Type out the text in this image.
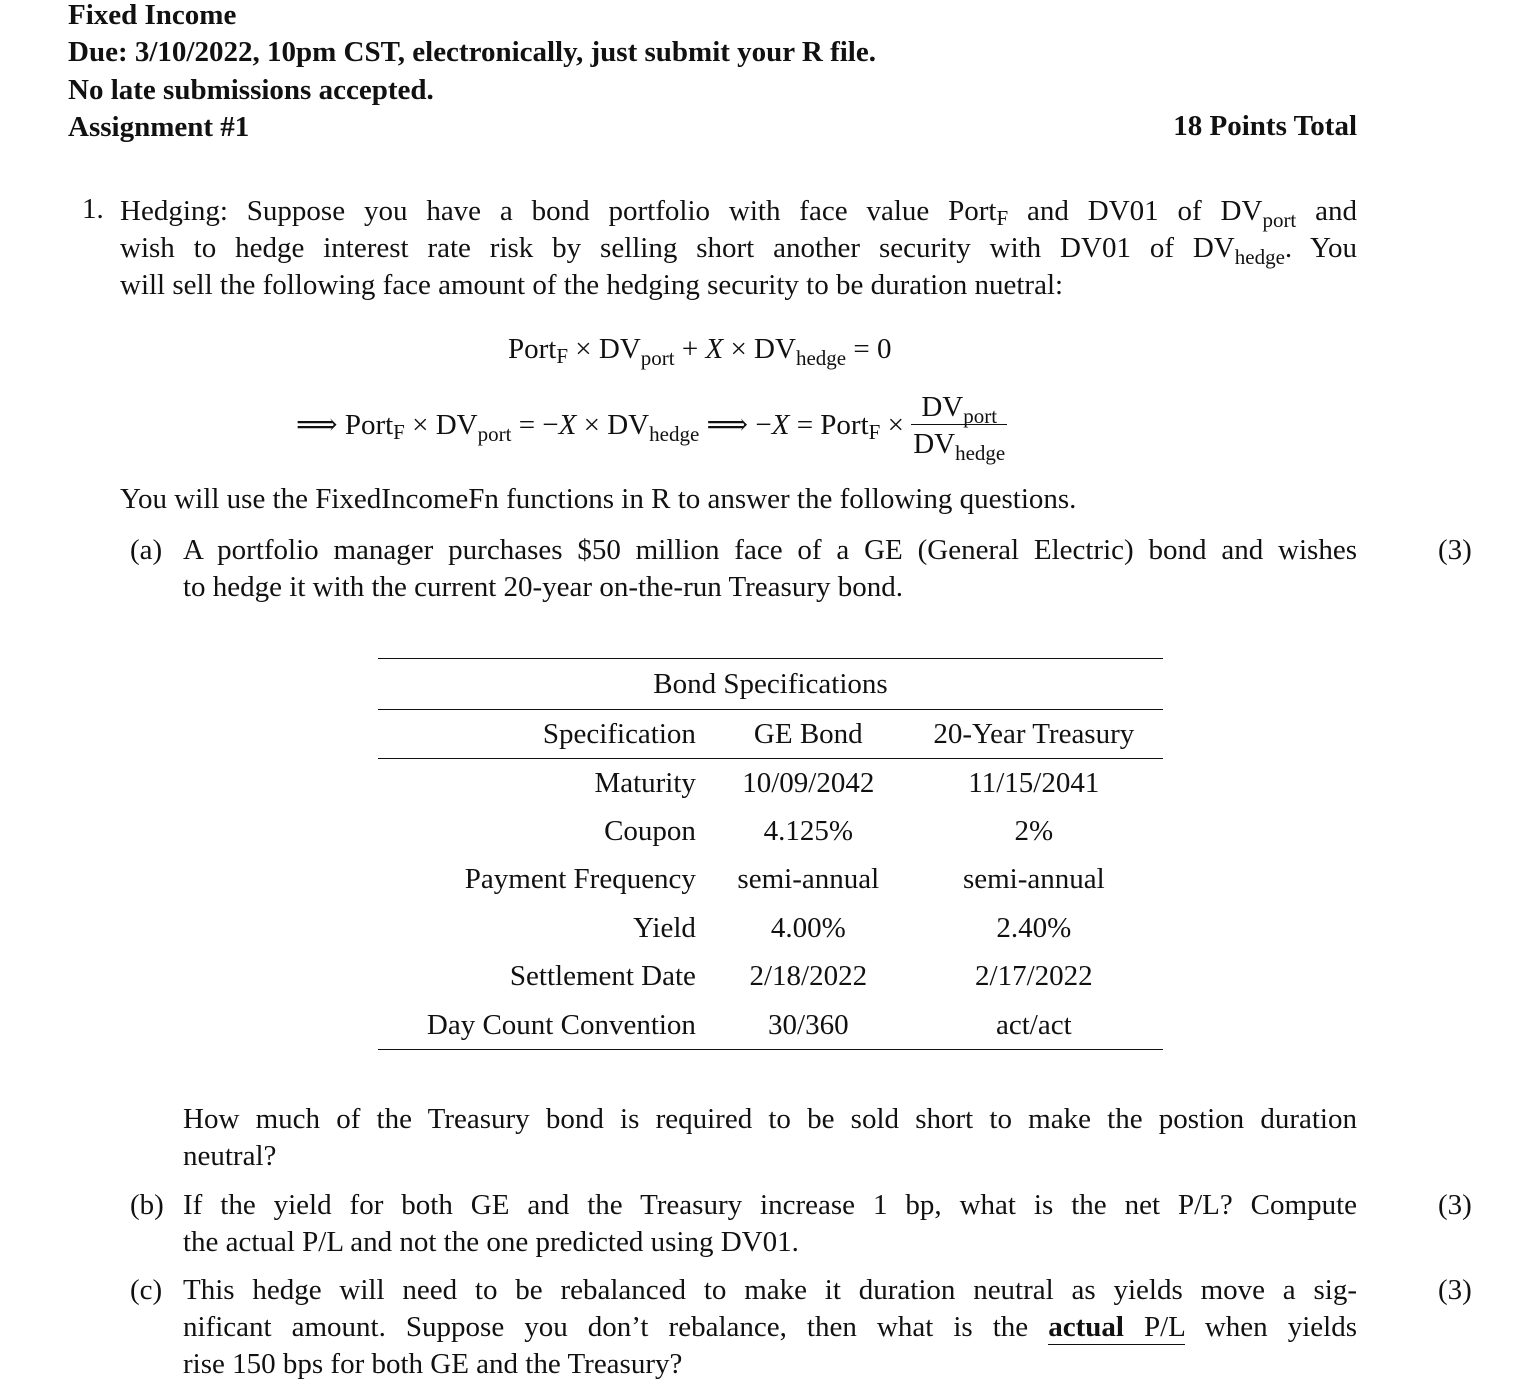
Fixed Income
Due: 3/10/2022, 10pm CST, electronically, just submit your R file.
No late submissions accepted.
Assignment #1	18 Points Total
1. Hedging: Suppose you have a bond portfolio with face value Port$_F$ and DV01 of $DV_{port}$ and
wish to hedge interest rate risk by selling short another security with DV01 of $DV_{hedge}$. You
will sell the following face amount of the hedging security to be duration nuetral:
Port$_F$ × $DV_{port} + X \times DV_{hedge} = 0$
⟹ Port$_F$ × $DV_{port} = -X \times DV_{hedge}$ ⟹ −X = Port$_F$ × $\frac{DV_{port}}{DV_{hedge}}$
You will use the FixedIncomeFn functions in R to answer the following questions.
(a) A portfolio manager purchases $50 million face of a GE (General Electric) bond and wishes
to hedge it with the current 20-year on-the-run Treasury bond.
(3)
Bond Specifications		
Specification	GE Bond	20-Year Treasury
Maturity	10/09/2042	11/15/2041
Coupon	4.125%	2%
Payment Frequency	semi-annual	semi-annual
Yield	4.00%	2.40%
Settlement Date	2/18/2022	2/17/2022
Day Count Convention	30/360	act/act
How much of the Treasury bond is required to be sold short to make the postion duration
neutral?
(b) If the yield for both GE and the Treasury increase 1 bp, what is the net P/L? Compute
the actual P/L and not the one predicted using DV01.
(3)
(c) This hedge will need to be rebalanced to make it duration neutral as yields move a sig-
nificant amount. Suppose you don’t rebalance, then what is the actual P/L when yields
rise 150 bps for both GE and the Treasury?
(3)
